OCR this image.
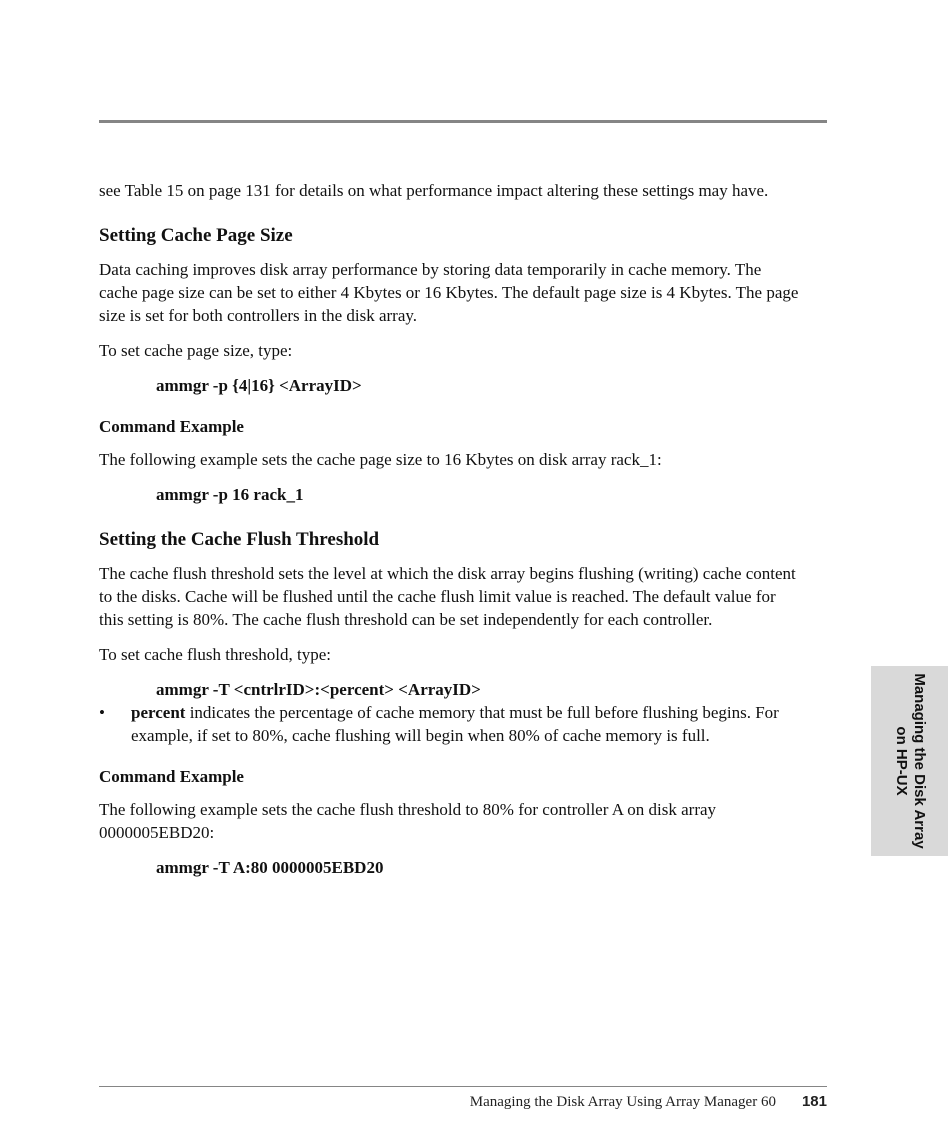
see Table 15 on page 131 for details on what performance impact altering these settings may have.

Setting Cache Page Size

Data caching improves disk array performance by storing data temporarily in cache memory. The cache page size can be set to either 4 Kbytes or 16 Kbytes. The default page size is 4 Kbytes. The page size is set for both controllers in the disk array.

To set cache page size, type:

ammgr -p {4|16} <ArrayID>

Command Example

The following example sets the cache page size to 16 Kbytes on disk array rack_1:

ammgr -p 16 rack_1

Setting the Cache Flush Threshold

The cache flush threshold sets the level at which the disk array begins flushing (writing) cache content to the disks. Cache will be flushed until the cache flush limit value is reached. The default value for this setting is 80%. The cache flush threshold can be set independently for each controller.

To set cache flush threshold, type:

ammgr -T <cntrlrID>:<percent> <ArrayID>

• percent indicates the percentage of cache memory that must be full before flushing begins. For example, if set to 80%, cache flushing will begin when 80% of cache memory is full.
Command Example

The following example sets the cache flush threshold to 80% for controller A on disk array 0000005EBD20:

ammgr -T A:80 0000005EBD20

Managing the Disk Array
on HP-UX
Managing the Disk Array Using Array Manager 60 181
